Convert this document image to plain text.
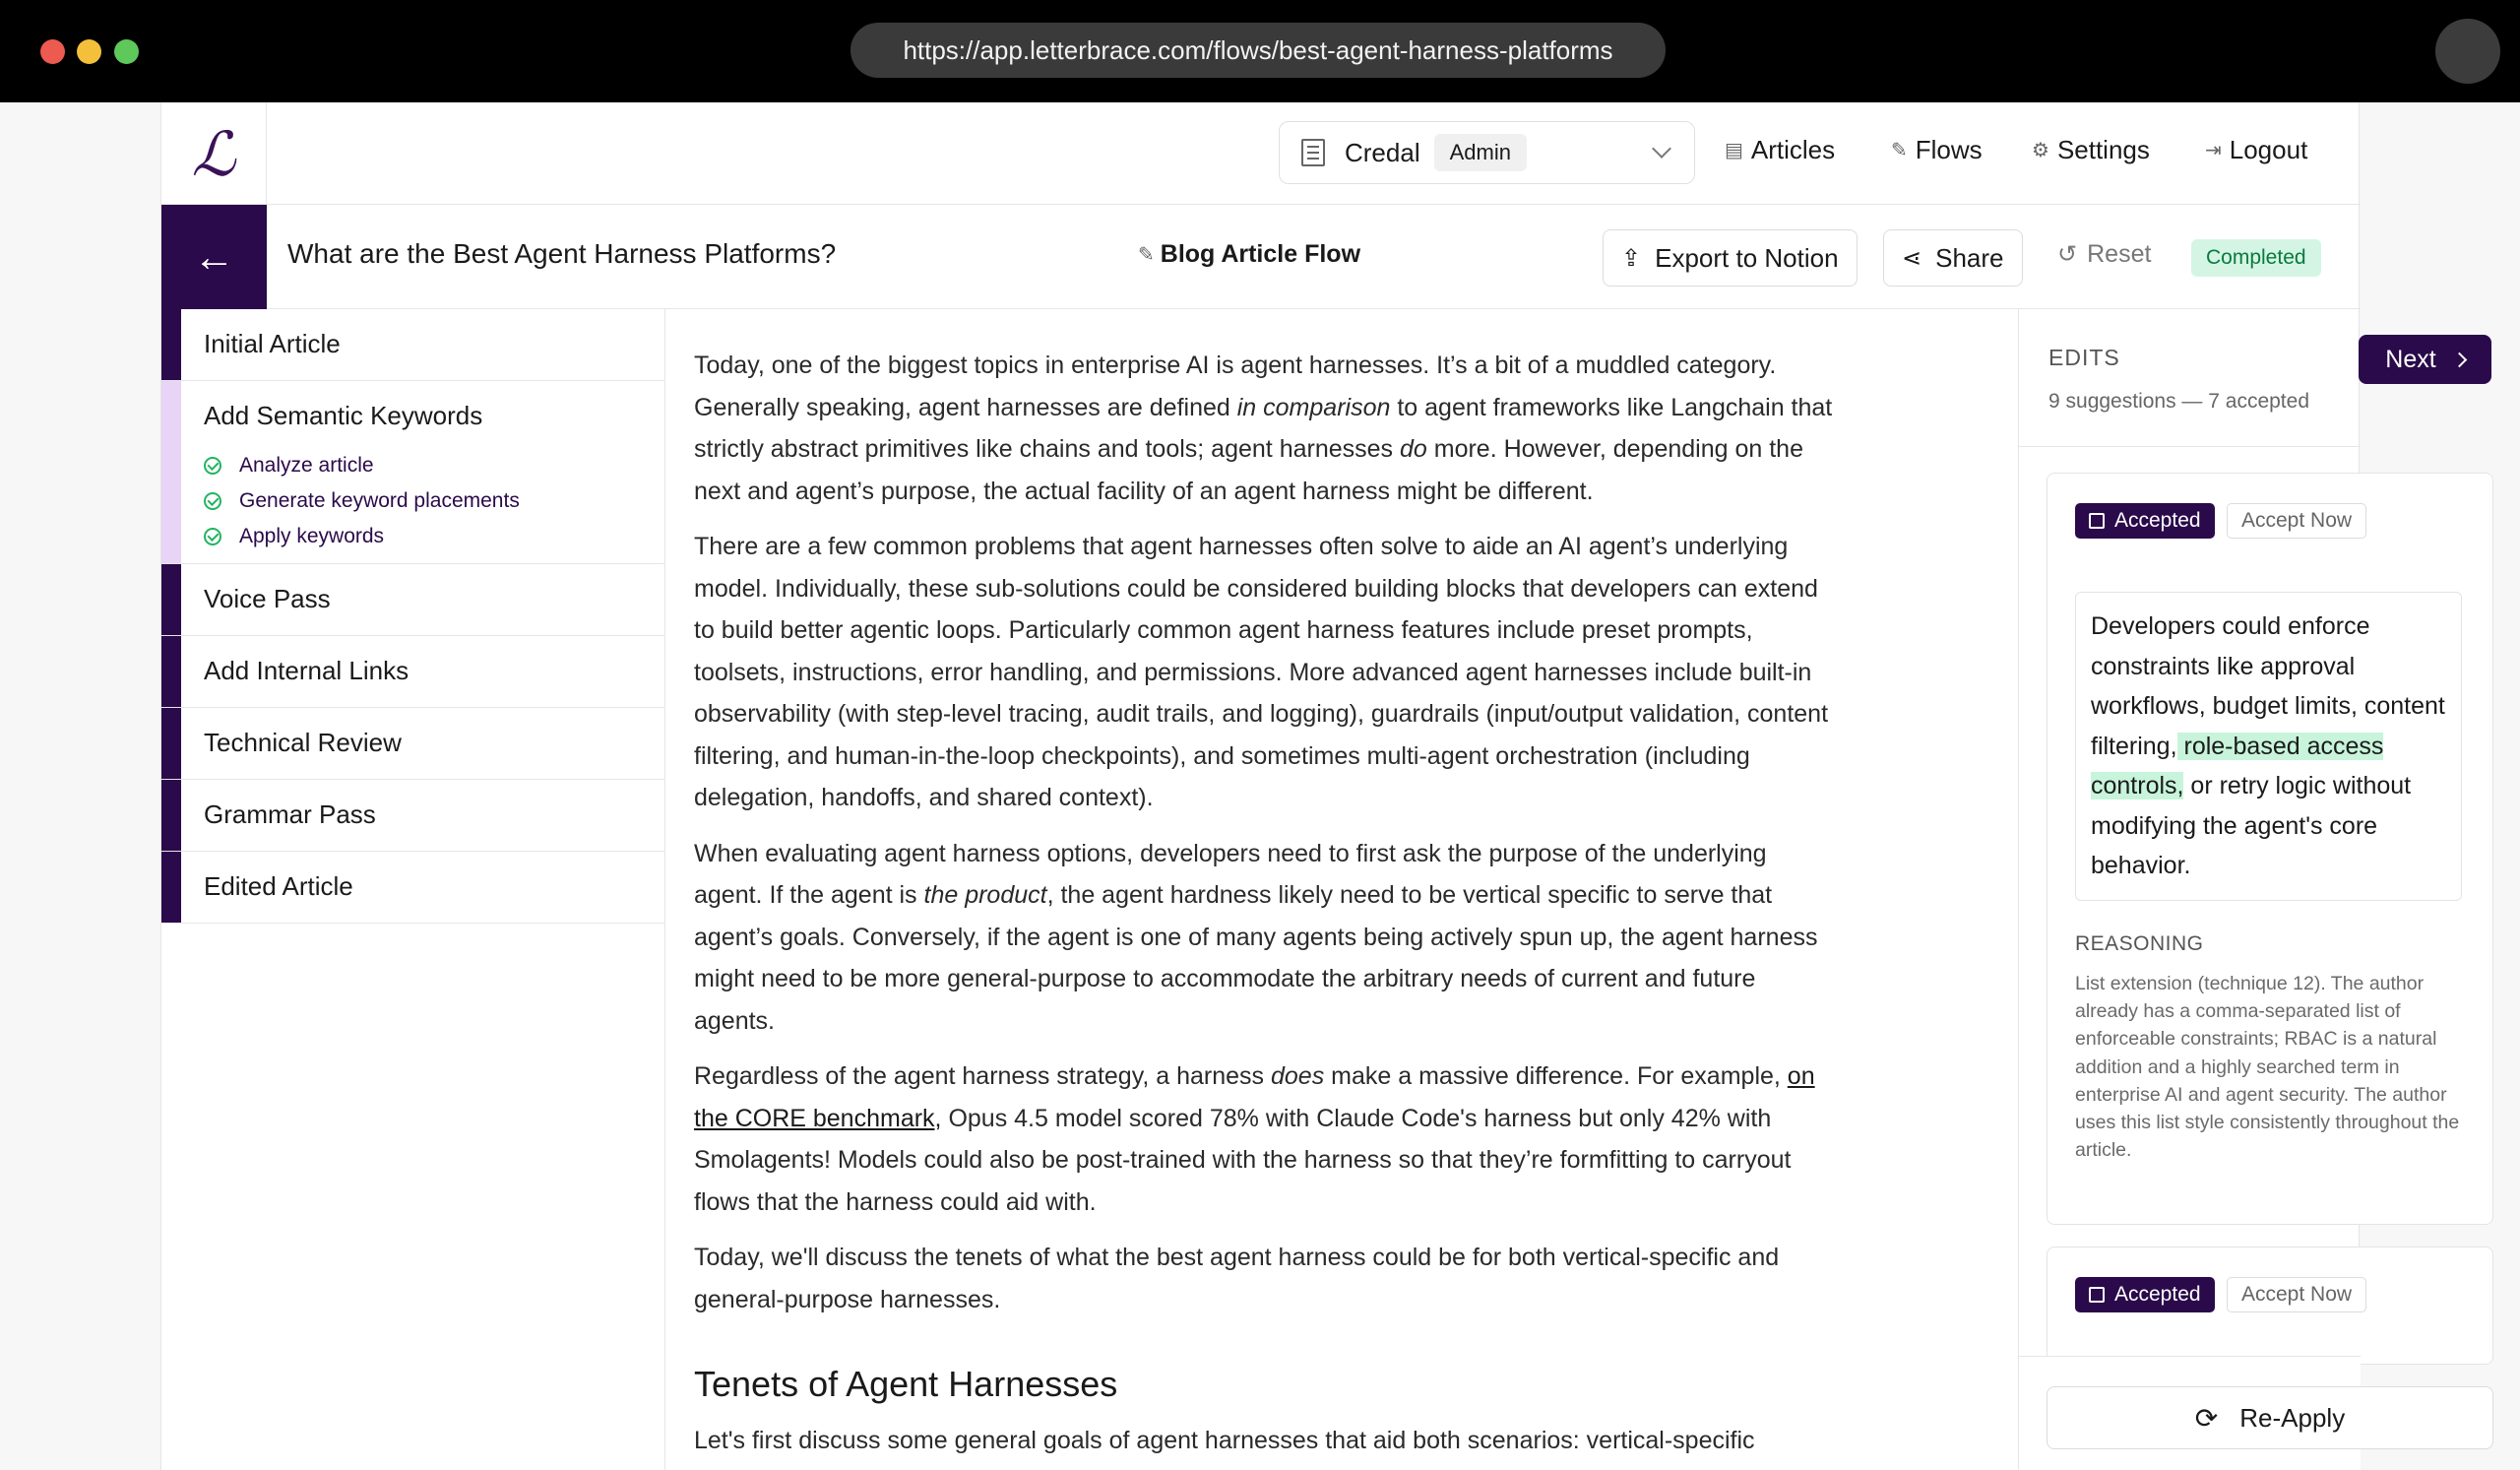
https://app.letterbrace.com/flows/best-agent-harness-platforms
ℒ	Credal	Admin	▤ Articles	✎ Flows	⚙ Settings	⇥ Logout
← What are the Best Agent Harness Platforms?	✎ Blog Article Flow	⇪ Export to Notion	⋖ Share ↺ Reset	Completed
Initial Article
Add Semantic Keywords
Analyze article
Generate keyword placements
Apply keywords
Voice Pass
Add Internal Links
Technical Review
Grammar Pass
Edited Article

Today, one of the biggest topics in enterprise AI is agent harnesses. It’s a bit of a muddled category. Generally speaking, agent harnesses are defined in comparison to agent frameworks like Langchain that strictly abstract primitives like chains and tools; agent harnesses do more. However, depending on the next and agent’s purpose, the actual facility of an agent harness might be different.

There are a few common problems that agent harnesses often solve to aide an AI agent’s underlying model. Individually, these sub-solutions could be considered building blocks that developers can extend to build better agentic loops. Particularly common agent harness features include preset prompts, toolsets, instructions, error handling, and permissions. More advanced agent harnesses include built-in observability (with step-level tracing, audit trails, and logging), guardrails (input/output validation, content filtering, and human-in-the-loop checkpoints), and sometimes multi-agent orchestration (including delegation, handoffs, and shared context).

When evaluating agent harness options, developers need to first ask the purpose of the underlying agent. If the agent is the product, the agent hardness likely need to be vertical specific to serve that agent’s goals. Conversely, if the agent is one of many agents being actively spun up, the agent harness might need to be more general-purpose to accommodate the arbitrary needs of current and future agents.

Regardless of the agent harness strategy, a harness does make a massive difference. For example, on the CORE benchmark, Opus 4.5 model scored 78% with Claude Code's harness but only 42% with Smolagents! Models could also be post-trained with the harness so that they’re formfitting to carryout flows that the harness could aid with.

Today, we'll discuss the tenets of what the best agent harness could be for both vertical-specific and general-purpose harnesses.

Tenets of Agent Harnesses

Let's first discuss some general goals of agent harnesses that aid both scenarios: vertical-specific

EDITS
9 suggestions — 7 accepted
Next
Accepted	Accept Now
Developers could enforce constraints like approval workflows, budget limits, content filtering, role-based access controls, or retry logic without modifying the agent's core behavior.
REASONING
List extension (technique 12). The author already has a comma-separated list of enforceable constraints; RBAC is a natural addition and a highly searched term in enterprise AI and agent security. The author uses this list style consistently throughout the article.
Accepted	Accept Now
⟳ Re-Apply
